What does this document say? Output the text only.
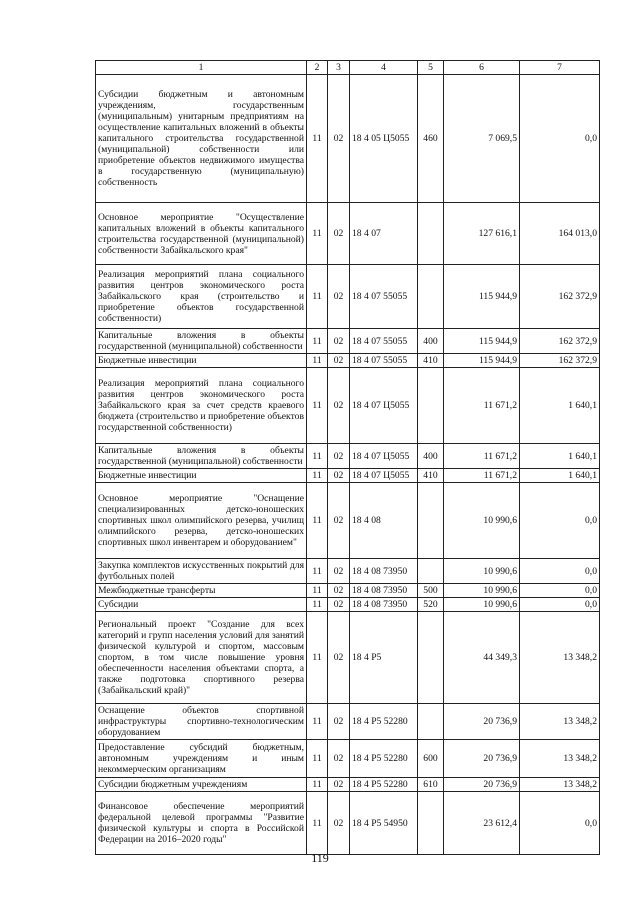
1	2	3	4	5	6	7
Субсидии бюджетным и автономным учреждениям, государственным (муниципальным) унитарным предприятиям на осуществление капитальных вложений в объекты капитального строительства государственной (муниципальной) собственности или приобретение объектов недвижимого имущества в государственную (муниципальную) собственность	11	02	18 4 05 Ц5055	460	7 069,5	0,0
Основное мероприятие "Осуществление капитальных вложений в объекты капитального строительства государственной (муниципальной) собственности Забайкальского края"	11	02	18 4 07		127 616,1	164 013,0
Реализация мероприятий плана социального развития центров экономического роста Забайкальского края (строительство и приобретение объектов государственной собственности)	11	02	18 4 07 55055		115 944,9	162 372,9
Капитальные вложения в объекты государственной (муниципальной) собственности	11	02	18 4 07 55055	400	115 944,9	162 372,9
Бюджетные инвестиции	11	02	18 4 07 55055	410	115 944,9	162 372,9
Реализация мероприятий плана социального развития центров экономического роста Забайкальского края за счет средств краевого бюджета (строительство и приобретение объектов государственной собственности)	11	02	18 4 07 Ц5055		11 671,2	1 640,1
Капитальные вложения в объекты государственной (муниципальной) собственности	11	02	18 4 07 Ц5055	400	11 671,2	1 640,1
Бюджетные инвестиции	11	02	18 4 07 Ц5055	410	11 671,2	1 640,1
Основное мероприятие "Оснащение специализированных детско-юношеских спортивных школ олимпийского резерва, училищ олимпийского резерва, детско-юношеских спортивных школ инвентарем и оборудованием"	11	02	18 4 08		10 990,6	0,0
Закупка комплектов искусственных покрытий для футбольных полей	11	02	18 4 08 73950		10 990,6	0,0
Межбюджетные трансферты	11	02	18 4 08 73950	500	10 990,6	0,0
Субсидии	11	02	18 4 08 73950	520	10 990,6	0,0
Региональный проект "Создание для всех категорий и групп населения условий для занятий физической культурой и спортом, массовым спортом, в том числе повышение уровня обеспеченности населения объектами спорта, а также подготовка спортивного резерва (Забайкальский край)"	11	02	18 4 P5		44 349,3	13 348,2
Оснащение объектов спортивной инфраструктуры спортивно-технологическим оборудованием	11	02	18 4 P5 52280		20 736,9	13 348,2
Предоставление субсидий бюджетным, автономным учреждениям и иным некоммерческим организациям	11	02	18 4 P5 52280	600	20 736,9	13 348,2
Субсидии бюджетным учреждениям	11	02	18 4 P5 52280	610	20 736,9	13 348,2
Финансовое обеспечение мероприятий федеральной целевой программы "Развитие физической культуры и спорта в Российской Федерации на 2016–2020 годы"	11	02	18 4 P5 54950		23 612,4	0,0
119
